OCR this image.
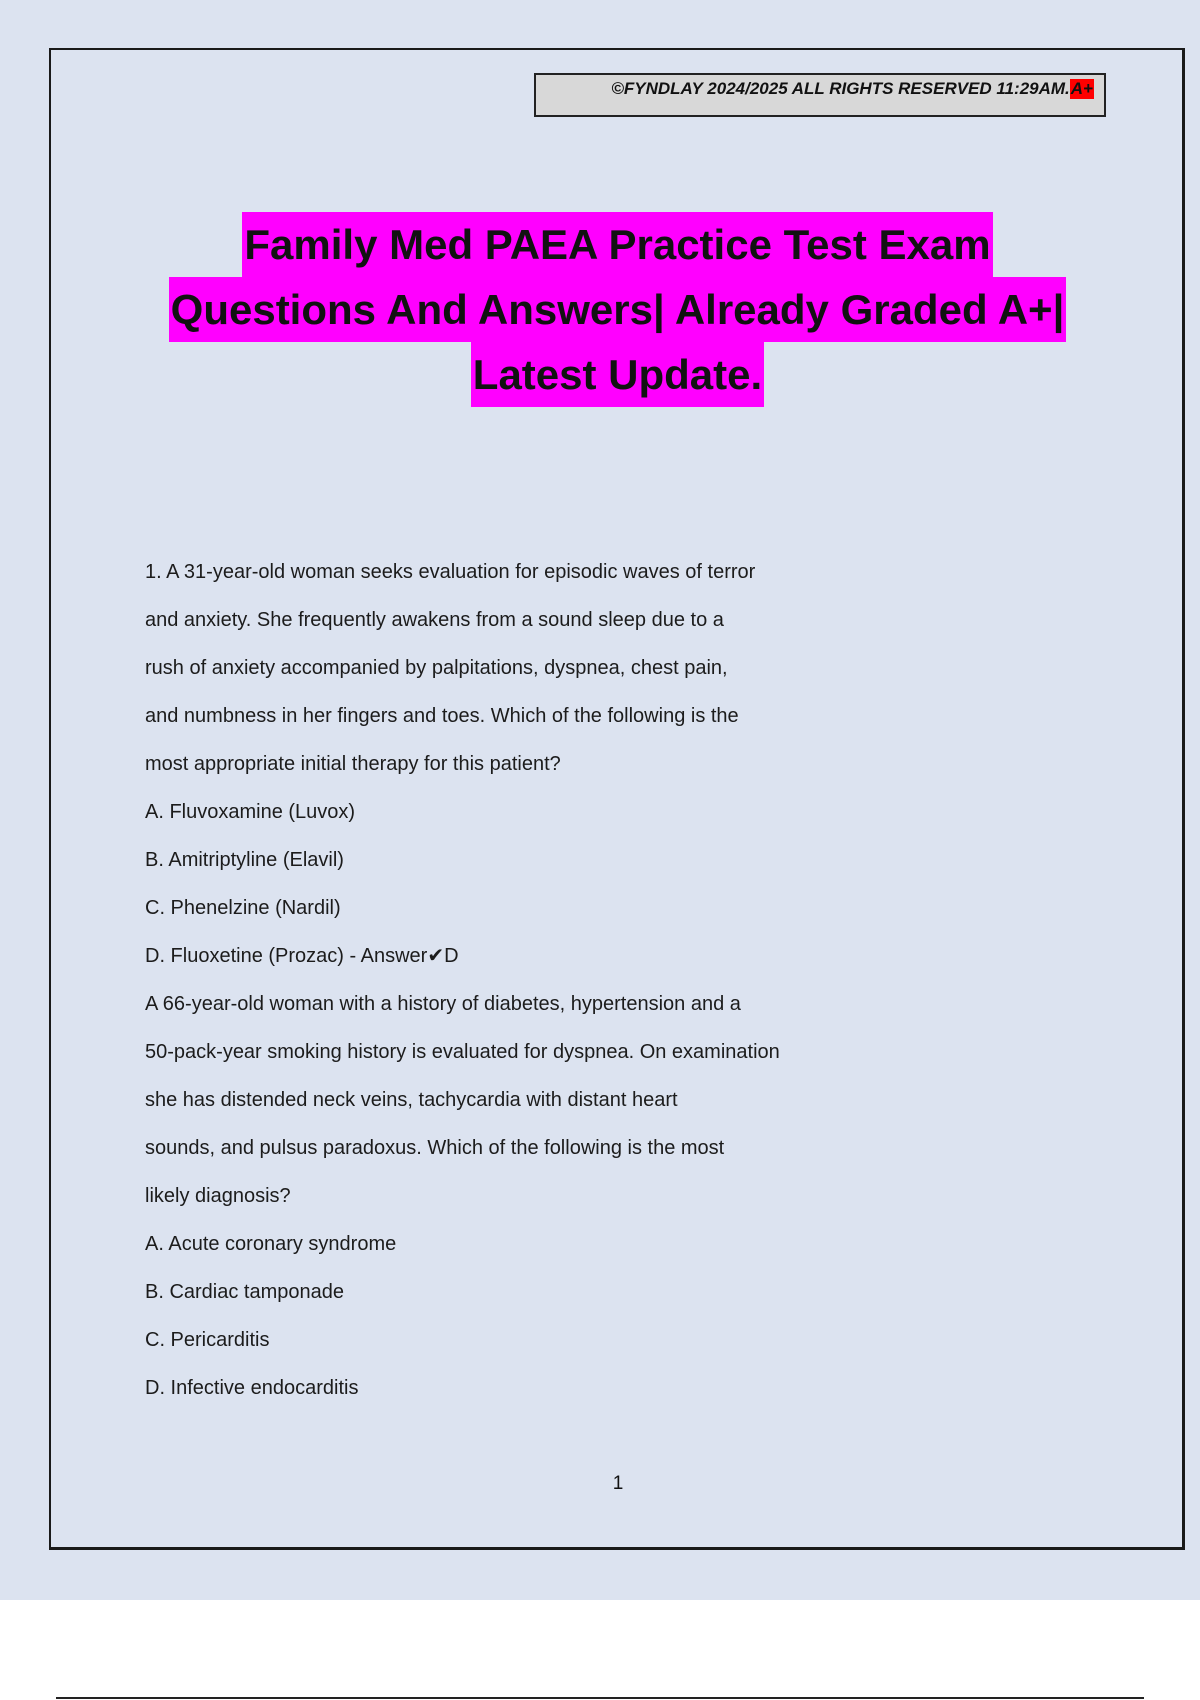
©FYNDLAY 2024/2025 ALL RIGHTS RESERVED 11:29AM. A+
Family Med PAEA Practice Test Exam
Questions And Answers| Already Graded A+|
Latest Update.
1. A 31-year-old woman seeks evaluation for episodic waves of terror
and anxiety. She frequently awakens from a sound sleep due to a
rush of anxiety accompanied by palpitations, dyspnea, chest pain,
and numbness in her fingers and toes. Which of the following is the
most appropriate initial therapy for this patient?
A. Fluvoxamine (Luvox)
B. Amitriptyline (Elavil)
C. Phenelzine (Nardil)
D. Fluoxetine (Prozac) - Answer✔D
A 66-year-old woman with a history of diabetes, hypertension and a
50-pack-year smoking history is evaluated for dyspnea. On examination
she has distended neck veins, tachycardia with distant heart
sounds, and pulsus paradoxus. Which of the following is the most
likely diagnosis?
A. Acute coronary syndrome
B. Cardiac tamponade
C. Pericarditis
D. Infective endocarditis
1
